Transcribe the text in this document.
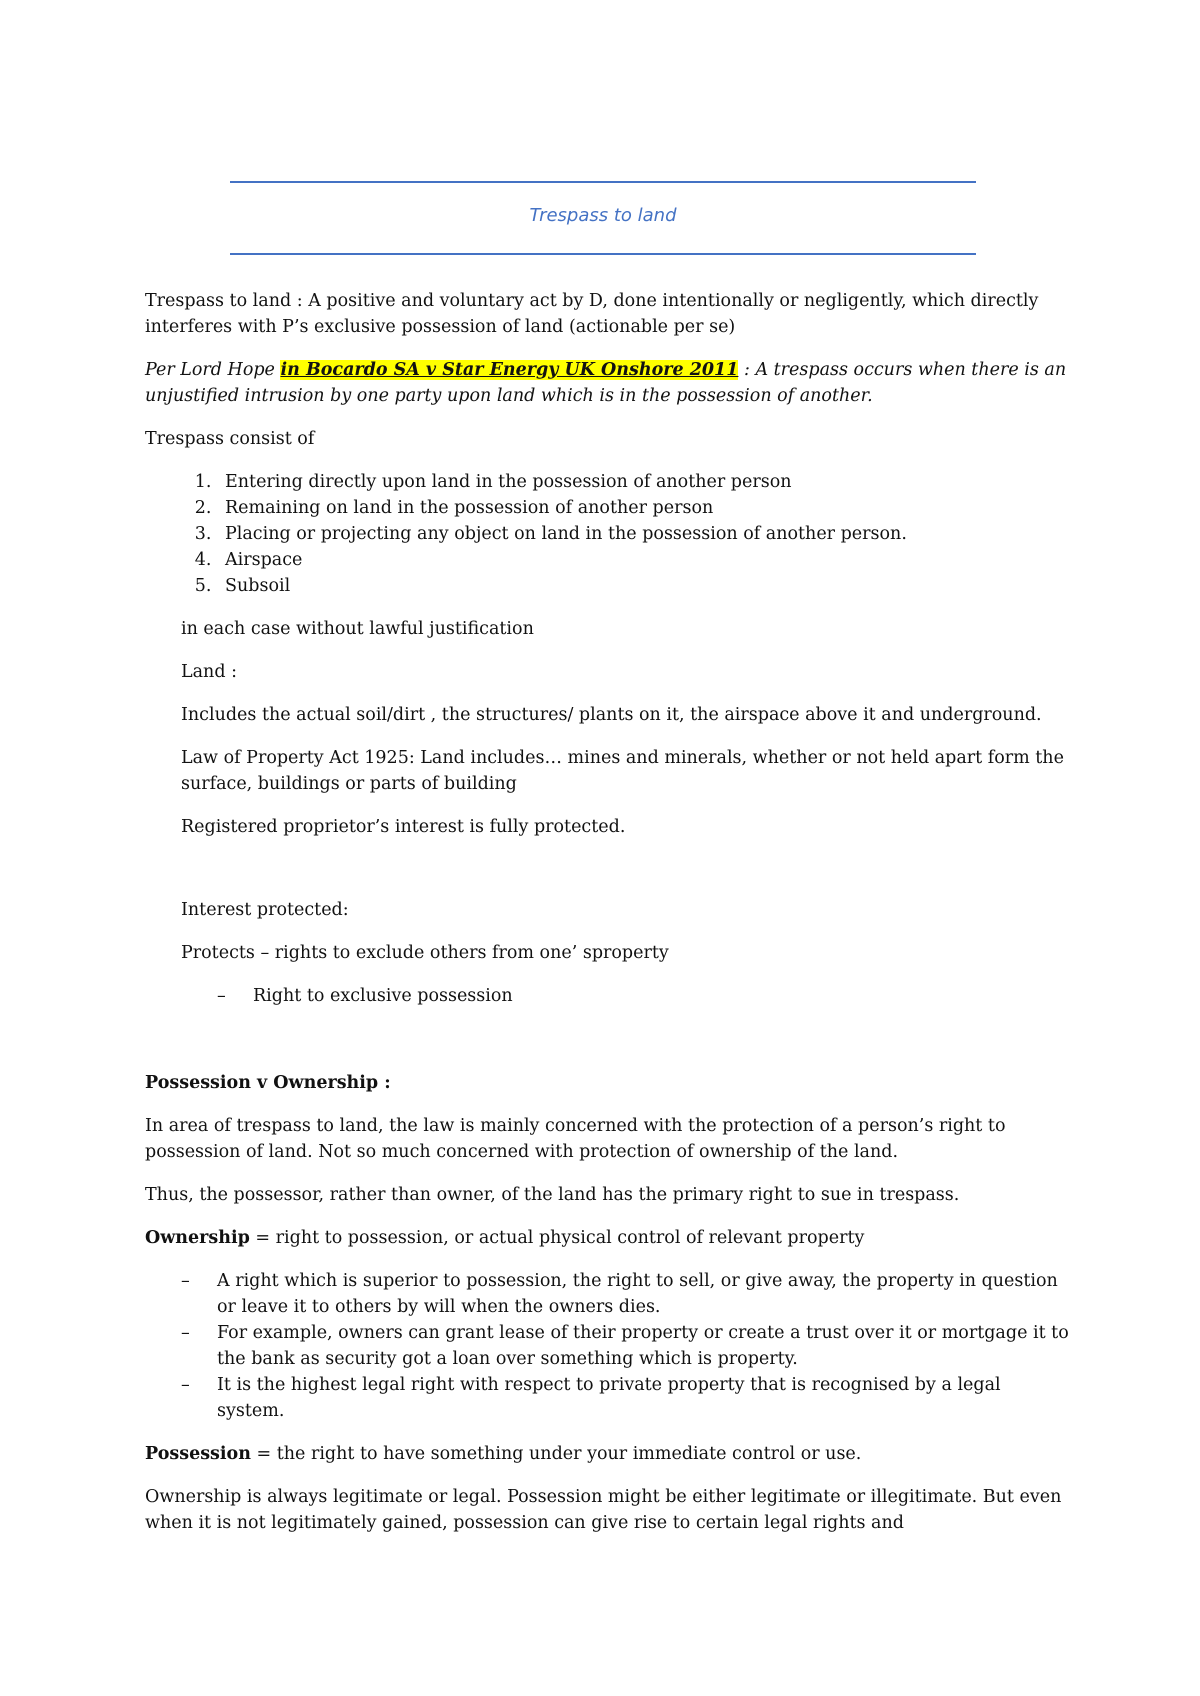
Trespass to land

Trespass to land : A positive and voluntary act by D, done intentionally or negligently, which directly interferes with P’s exclusive possession of land (actionable per se)

Per Lord Hope in Bocardo SA v Star Energy UK Onshore 2011 : A trespass occurs when there is an unjustified intrusion by one party upon land which is in the possession of another.

Trespass consist of

1. Entering directly upon land in the possession of another person
2. Remaining on land in the possession of another person
3. Placing or projecting any object on land in the possession of another person.
4. Airspace
5. Subsoil

in each case without lawful justification

Land :

Includes the actual soil/dirt , the structures/ plants on it, the airspace above it and underground.

Law of Property Act 1925: Land includes… mines and minerals, whether or not held apart form the surface, buildings or parts of building

Registered proprietor’s interest is fully protected.

Interest protected:

Protects – rights to exclude others from one’ sproperty

– Right to exclusive possession

Possession v Ownership :

In area of trespass to land, the law is mainly concerned with the protection of a person’s right to possession of land. Not so much concerned with protection of ownership of the land.

Thus, the possessor, rather than owner, of the land has the primary right to sue in trespass.

Ownership = right to possession, or actual physical control of relevant property

– A right which is superior to possession, the right to sell, or give away, the property in question or leave it to others by will when the owners dies.
– For example, owners can grant lease of their property or create a trust over it or mortgage it to the bank as security got a loan over something which is property.
– It is the highest legal right with respect to private property that is recognised by a legal system.

Possession = the right to have something under your immediate control or use.

Ownership is always legitimate or legal. Possession might be either legitimate or illegitimate. But even when it is not legitimately gained, possession can give rise to certain legal rights and
